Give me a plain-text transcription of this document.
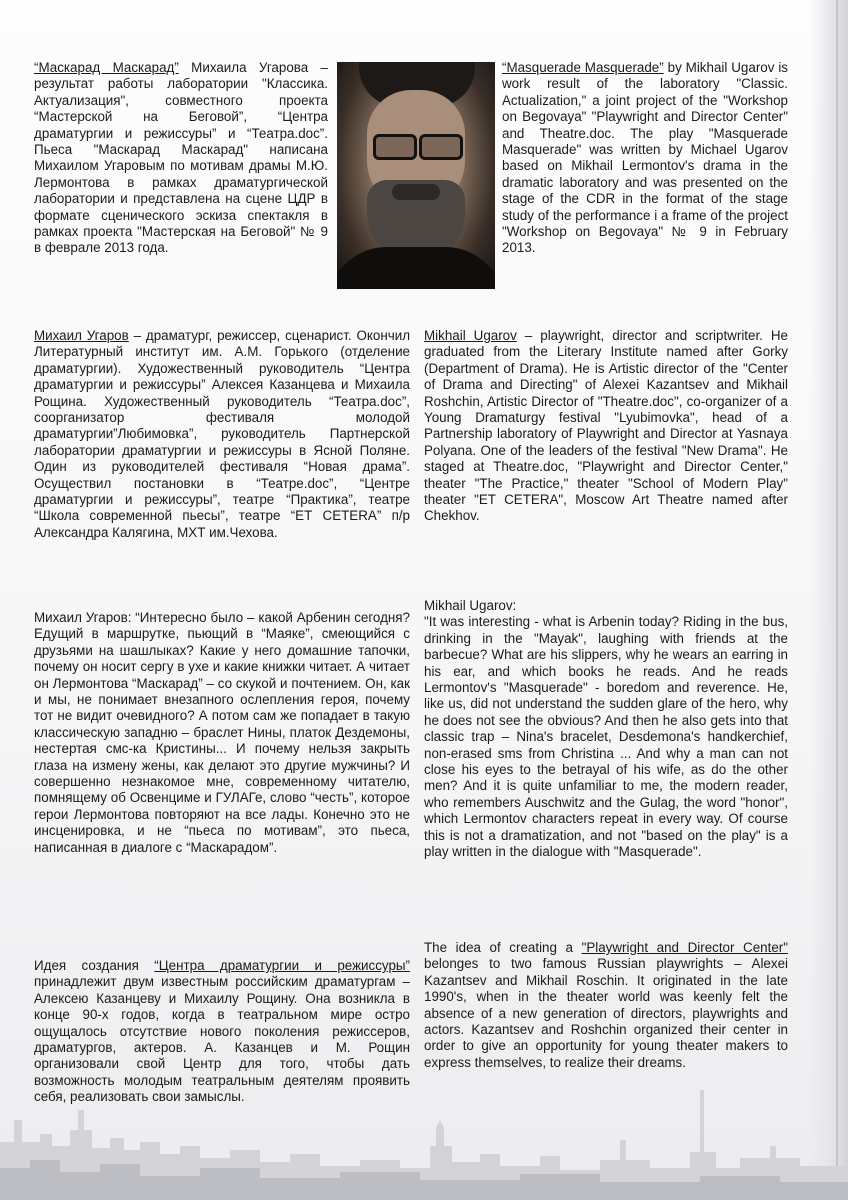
“Маскарад Маскарад” Михаила Угарова – результат работы лаборатории "Классика. Актуализация", совместного проекта “Мастерской на Беговой”, “Центра драматургии и режиссуры” и “Театра.doc”. Пьеса "Маскарад Маскарад" написана Михаилом Угаровым по мотивам драмы М.Ю. Лермонтова в рамках драматургической лаборатории и представлена на сцене ЦДР в формате сценического эскиза спектакля в рамках проекта "Мастерская на Беговой" № 9 в феврале 2013 года.

Михаил Угаров – драматург, режиссер, сценарист. Окончил Литературный институт им. А.М. Горького (отделение драматургии). Художественный руководитель “Центра драматургии и режиссуры” Алексея Казанцева и Михаила Рощина. Художественный руководитель “Театра.doc”, соорганизатор фестиваля молодой драматургии”Любимовка”, руководитель Партнерской лаборатории драматургии и режиссуры в Ясной Поляне. Один из руководителей фестиваля “Новая драма”. Осуществил постановки в “Театре.doc”, “Центре драматургии и режиссуры”, театре “Практика”, театре “Школа современной пьесы”, театре “ЕТ CETERA” п/р Александра Калягина, МХТ им.Чехова.

Михаил Угаров: “Интересно было – какой Арбенин сегодня? Едущий в маршрутке, пьющий в “Маяке”, смеющийся с друзьями на шашлыках? Какие у него домашние тапочки, почему он носит сергу в ухе и какие книжки читает. А читает он Лермонтова “Маскарад” – со скукой и почтением. Он, как и мы, не понимает внезапного ослепления героя, почему тот не видит очевидного? А потом сам же попадает в такую классическую западню – браслет Нины, платок Дездемоны, нестертая смс-ка Кристины... И почему нельзя закрыть глаза на измену жены, как делают это другие мужчины? И совершенно незнакомое мне, современному читателю, помнящему об Освенциме и ГУЛАГе, слово “честь”, которое герои Лермонтова повторяют на все лады. Конечно это не инсценировка, и не “пьеса по мотивам”, это пьеса, написанная в диалоге с “Маскарадом”.

Идея создания “Центра драматургии и режиссуры” принадлежит двум известным российским драматургам – Алексею Казанцеву и Михаилу Рощину. Она возникла в конце 90-х годов, когда в театральном мире остро ощущалось отсутствие нового поколения режиссеров, драматургов, актеров. А. Казанцев и М. Рощин организовали свой Центр для того, чтобы дать возможность молодым театральным деятелям проявить себя, реализовать свои замыслы.

“Masquerade Masquerade” by Mikhail Ugarov is work result of the laboratory "Classic. Actualization," a joint project of the "Workshop on Begovaya" "Playwright and Director Center" and Theatre.doc. The play "Masquerade Masquerade" was written by Michael Ugarov based on Mikhail Lermontov's drama in the dramatic laboratory and was presented on the stage of the CDR in the format of the stage study of the performance i a frame of the project "Workshop on Begovaya" № 9 in February 2013.

Mikhail Ugarov – playwright, director and scriptwriter. He graduated from the Literary Institute named after Gorky (Department of Drama). He is Artistic director of the "Center of Drama and Directing" of Alexei Kazantsev and Mikhail Roshchin, Artistic Director of "Theatre.doc", co-organizer of a Young Dramaturgy festival "Lyubimovka", head of a Partnership laboratory of Playwright and Director at Yasnaya Polyana. One of the leaders of the festival "New Drama". He staged at Theatre.doc, "Playwright and Director Center," theater "The Practice," theater "School of Modern Play" theater "ET CETERA", Moscow Art Theatre named after Chekhov.

Mikhail Ugarov:

"It was interesting - what is Arbenin today? Riding in the bus, drinking in the "Mayak", laughing with friends at the barbecue? What are his slippers, why he wears an earring in his ear, and which books he reads. And he reads Lermontov's "Masquerade" - boredom and reverence. He, like us, did not understand the sudden glare of the hero, why he does not see the obvious? And then he also gets into that classic trap – Nina's bracelet, Desdemona's handkerchief, non-erased sms from Christina ... And why a man can not close his eyes to the betrayal of his wife, as do the other men? And it is quite unfamiliar to me, the modern reader, who remembers Auschwitz and the Gulag, the word "honor", which Lermontov characters repeat in every way. Of course this is not a dramatization, and not "based on the play" is a play written in the dialogue with "Masquerade".

The idea of creating a "Playwright and Director Center" belonges to two famous Russian playwrights – Alexei Kazantsev and Mikhail Roschin. It originated in the late 1990's, when in the theater world was keenly felt the absence of a new generation of directors, playwrights and actors. Kazantsev and Roshchin organized their center in order to give an opportunity for young theater makers to express themselves, to realize their dreams.
